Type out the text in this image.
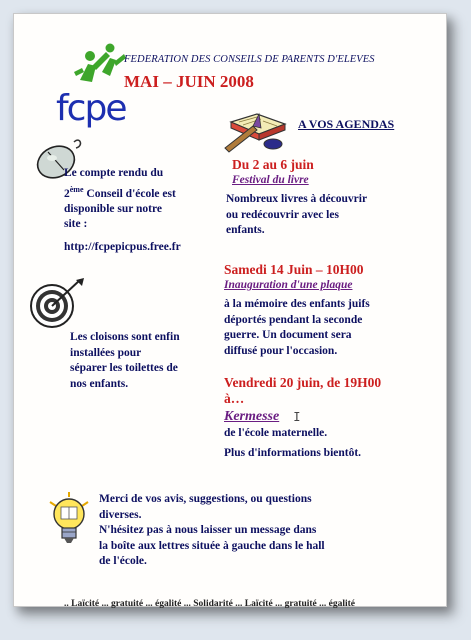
fcpe
FEDERATION DES CONSEILS DE PARENTS D'ELEVES
MAI – JUIN 2008
A VOS AGENDAS
Le compte rendu du
2ème Conseil d'école est
disponible sur notre
site :
http://fcpepicpus.free.fr
Les cloisons sont enfin
installées pour
séparer les toilettes de
nos enfants.
Du 2 au 6 juin
Festival du livre
Nombreux livres à découvrir
ou redécouvrir avec les
enfants.
Samedi 14 Juin – 10H00
Inauguration d'une plaque
à la mémoire des enfants juifs
déportés pendant la seconde
guerre. Un document sera
diffusé pour l'occasion.
Vendredi 20 juin, de 19H00
à…
Kermesse I
de l'école maternelle.
Plus d'informations bientôt.
Merci de vos avis, suggestions, ou questions
diverses.
N'hésitez pas à nous laisser un message dans
la boîte aux lettres située à gauche dans le hall
de l'école.
.. Laïcité ... gratuité ... égalité ... Solidarité ... Laïcité ... gratuité ... égalité
